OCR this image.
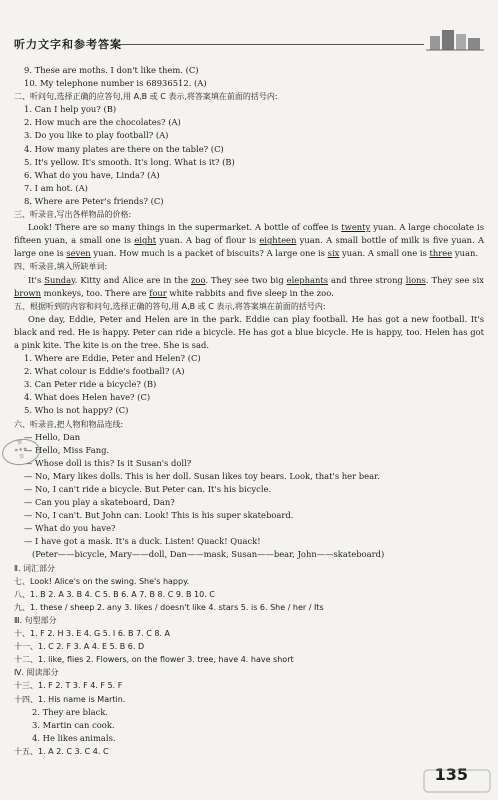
听力文字和参考答案
9. These are moths. I don't like them. (C)
10. My telephone number is 68936512. (A)
二、听问句,选择正确的应答句,用 A,B 或 C 表示,将答案填在前面的括号内:
1. Can I help you? (B)
2. How much are the chocolates? (A)
3. Do you like to play football? (A)
4. How many plates are there on the table? (C)
5. It's yellow. It's smooth. It's long. What is it? (B)
6. What do you have, Linda? (A)
7. I am hot. (A)
8. Where are Peter's friends? (C)
三、听录音,写出各样物品的价格:
Look! There are so many things in the supermarket. A bottle of coffee is twenty yuan. A large chocolate is fifteen yuan, a small one is eight yuan. A bag of flour is eighteen yuan. A small bottle of milk is five yuan. A large one is seven yuan. How much is a packet of biscuits? A large one is six yuan. A small one is three yuan.
四、听录音,填入所缺单词:
It's Sunday. Kitty and Alice are in the zoo. They see two big elephants and three strong lions. They see six brown monkeys, too. There are four white rabbits and five sleep in the zoo.
五、根据听到的内容和问句,选择正确的答句,用 A,B 或 C 表示,将答案填在前面的括号内:
One day, Eddie, Peter and Helen are in the park. Eddie can play football. He has got a new football. It's black and red. He is happy. Peter can ride a bicycle. He has got a blue bicycle. He is happy, too. Helen has got a pink kite. The kite is on the tree. She is sad.
1. Where are Eddie, Peter and Helen? (C)
2. What colour is Eddie's football? (A)
3. Can Peter ride a bicycle? (B)
4. What does Helen have? (C)
5. Who is not happy? (C)
六、听录音,把人物和物品连线:
— Hello, Dan
— Hello, Miss Fang.
— Whose doll is this? Is it Susan's doll?
— No, Mary likes dolls. This is her doll. Susan likes toy bears. Look, that's her bear.
— No, I can't ride a bicycle. But Peter can. It's his bicycle.
— Can you play a skateboard, Dan?
— No, I can't. But John can. Look! This is his super skateboard.
— What do you have?
— I have got a mask. It's a duck. Listen! Quack! Quack!
(Peter——bicycle, Mary——doll, Dan——mask, Susan——bear, John——skateboard)
Ⅱ. 词汇部分
七、Look! Alice's on the swing. She's happy.
八、1. B 2. A 3. B 4. C 5. B 6. A 7. B 8. C 9. B 10. C
九、1. these / sheep 2. any 3. likes / doesn't like 4. stars 5. is 6. She / her / Its
Ⅲ. 句型部分
十、1. F 2. H 3. E 4. G 5. I 6. B 7. C 8. A
十一、1. C 2. F 3. A 4. E 5. B 6. D
十二、1. like, flies 2. Flowers, on the flower 3. tree, have 4. have short
Ⅳ. 阅读部分
十三、1. F 2. T 3. F 4. F 5. F
十四、1. His name is Martin.
2. They are black.
3. Martin can cook.
4. He likes animals.
十五、1. A 2. C 3. C 4. C
赞
★★★
签
135
